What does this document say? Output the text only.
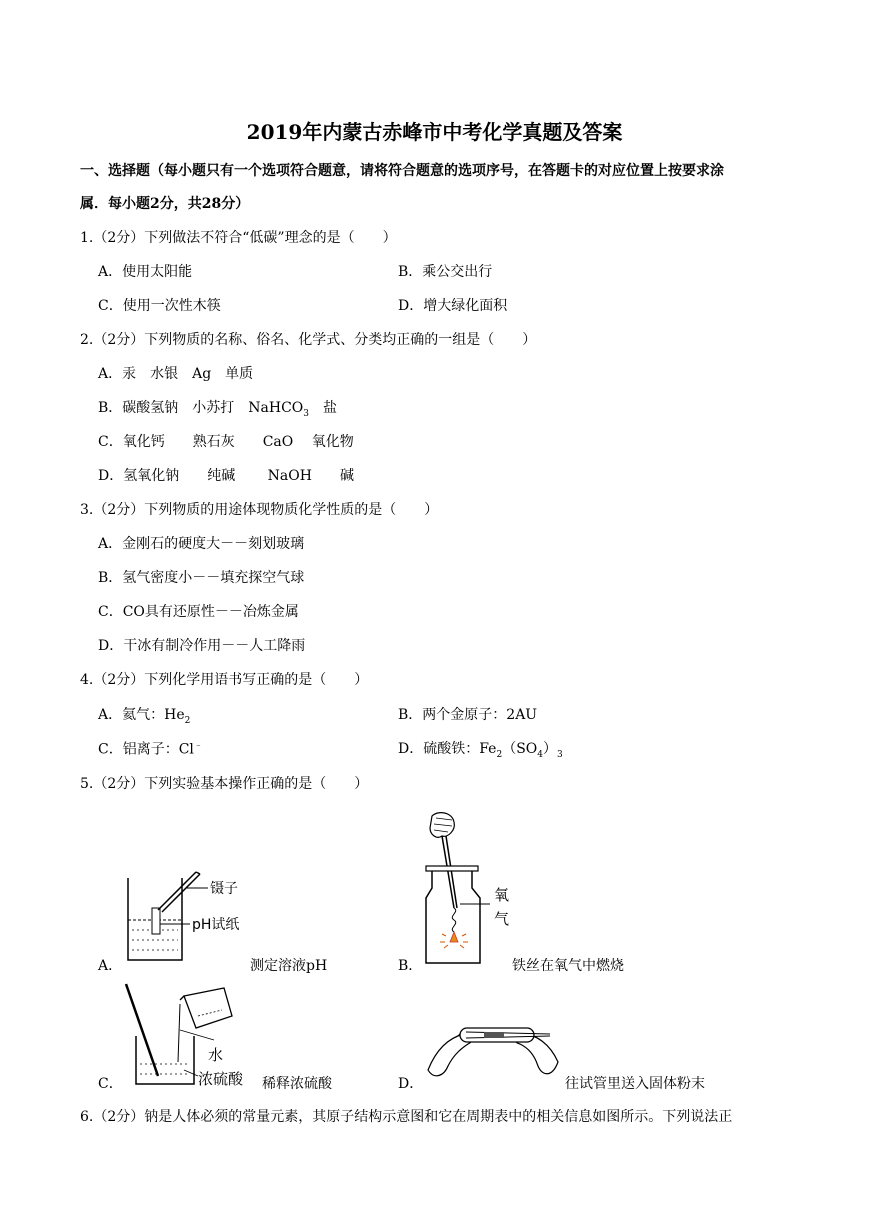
2019年内蒙古赤峰市中考化学真题及答案
一、选择题（每小题只有一个选项符合题意，请将符合题意的选项序号，在答题卡的对应位置上按要求涂
属．每小题2分，共28分）
1.（2分）下列做法不符合“低碳”理念的是（　　）
A．使用太阳能	B．乘公交出行
C．使用一次性木筷	D．增大绿化面积
2.（2分）下列物质的名称、俗名、化学式、分类均正确的一组是（　　）
A．汞　水银　Ag　单质
B．碳酸氢钠　小苏打　NaHCO$_3$　盐
C．氧化钙　　熟石灰　　CaO　 氧化物
D．氢氧化钠　　纯碱　　 NaOH　　碱
3.（2分）下列物质的用途体现物质化学性质的是（　　）
A．金刚石的硬度大－－刻划玻璃
B．氢气密度小－－填充探空气球
C．CO具有还原性－－冶炼金属
D．干冰有制冷作用－－人工降雨
4.（2分）下列化学用语书写正确的是（　　）
A．氦气：$He_2$	B．两个金原子：2AU
C．铝离子：Cl﹣	D．硫酸铁：$Fe_2(SO_4)_3$
5.（2分）下列实验基本操作正确的是（　　）
镊子
pH试纸
A．	测定溶液pH
氧
气
B．	铁丝在氧气中燃烧
水
浓硫酸
C．	稀释浓硫酸	D．	往试管里送入固体粉末
6.（2分）钠是人体必须的常量元素，其原子结构示意图和它在周期表中的相关信息如图所示。下列说法正
